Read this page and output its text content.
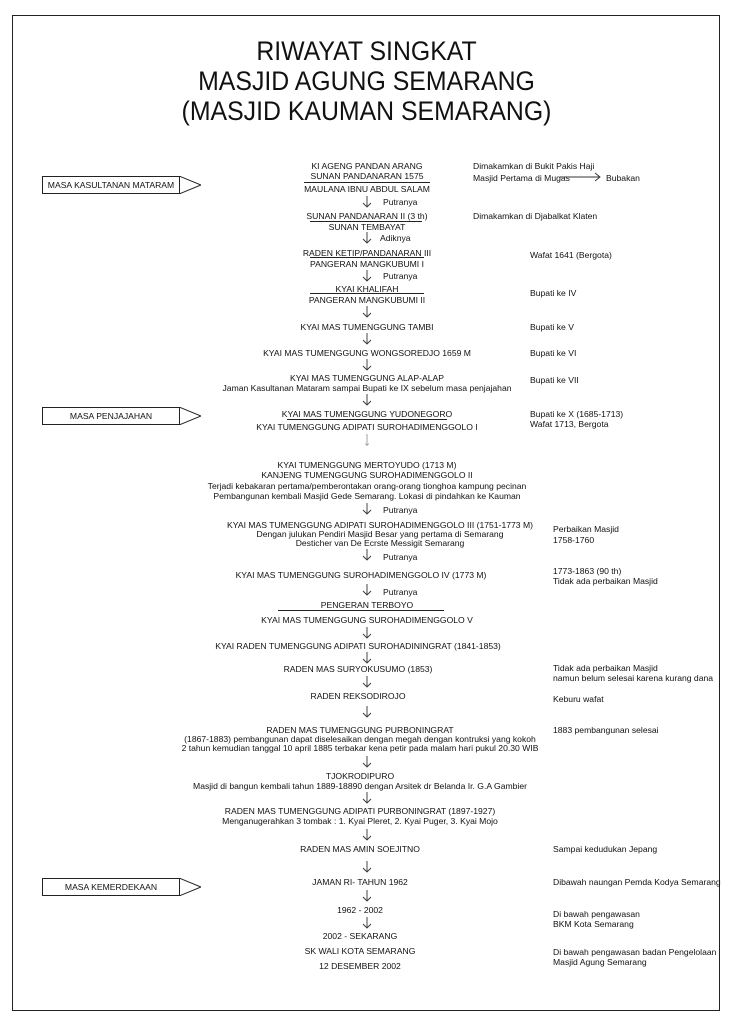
RIWAYAT SINGKAT
MASJID AGUNG SEMARANG
(MASJID KAUMAN SEMARANG)
MASA KASULTANAN MATARAM
MASA PENJAJAHAN
MASA KEMERDEKAAN
KI AGENG PANDAN ARANG
SUNAN PANDANARAN 1575
MAULANA IBNU ABDUL SALAM
Putranya
SUNAN PANDANARAN II (3 th)
SUNAN TEMBAYAT
Adiknya
RADEN KETIP/PANDANARAN III
PANGERAN MANGKUBUMI I
Putranya
KYAI KHALIFAH
PANGERAN MANGKUBUMI II
KYAI MAS TUMENGGUNG TAMBI
KYAI MAS TUMENGGUNG WONGSOREDJO 1659 M
KYAI MAS TUMENGGUNG ALAP-ALAP
Jaman Kasultanan Mataram sampai Bupati ke IX sebelum masa penjajahan
KYAI MAS TUMENGGUNG YUDONEGORO
KYAI TUMENGGUNG ADIPATI SUROHADIMENGGOLO I
KYAI TUMENGGUNG MERTOYUDO (1713 M)
KANJENG TUMENGGUNG SUROHADIMENGGOLO II
Terjadi kebakaran pertama/pemberontakan orang-orang tionghoa kampung pecinan
Pembangunan kembali Masjid Gede Semarang. Lokasi di pindahkan ke Kauman
Putranya
KYAI MAS TUMENGGUNG ADIPATI SUROHADIMENGGOLO III (1751-1773 M)
Dengan julukan Pendiri Masjid Besar yang pertama di Semarang
Desticher van De Ecrste Messigit Semarang
Putranya
KYAI MAS TUMENGGUNG SUROHADIMENGGOLO IV (1773 M)
Putranya
PENGERAN TERBOYO
KYAI MAS TUMENGGUNG SUROHADIMENGGOLO V
KYAI RADEN TUMENGGUNG ADIPATI SUROHADININGRAT (1841-1853)
RADEN MAS SURYOKUSUMO (1853)
RADEN REKSODIROJO
RADEN MAS TUMENGGUNG PURBONINGRAT
(1867-1883) pembangunan dapat diselesaikan dengan megah dengan kontruksi yang kokoh
2 tahun kemudian tanggal 10 april 1885 terbakar kena petir pada malam hari pukul 20.30 WIB
TJOKRODIPURO
Masjid di bangun kembali tahun 1889-18890 dengan Arsitek dr Belanda Ir. G.A Gambier
RADEN MAS TUMENGGUNG ADIPATI PURBONINGRAT (1897-1927)
Menganugerahkan 3 tombak : 1. Kyai Pleret, 2. Kyai Puger, 3. Kyai Mojo
RADEN MAS AMIN SOEJITNO
JAMAN RI- TAHUN 1962
1962 - 2002
2002 - SEKARANG
SK WALI KOTA SEMARANG
12 DESEMBER 2002
Dimakamkan di Bukit Pakis Haji
Masjid Pertama di Mugas	Bubakan
Dimakamkan di Djabalkat Klaten
Wafat 1641 (Bergota)
Bupati ke IV
Bupati ke V
Bupati ke VI
Bupati ke VII
Bupati ke X (1685-1713)
Wafat 1713, Bergota
Perbaikan Masjid
1758-1760
1773-1863 (90 th)
Tidak ada perbaikan Masjid
Tidak ada perbaikan Masjid
namun belum selesai karena kurang dana
Keburu wafat
1883 pembangunan selesai
Sampai kedudukan Jepang
Dibawah naungan Pemda Kodya Semarang
Di bawah pengawasan
BKM Kota Semarang
Di bawah pengawasan badan Pengelolaan
Masjid Agung Semarang
